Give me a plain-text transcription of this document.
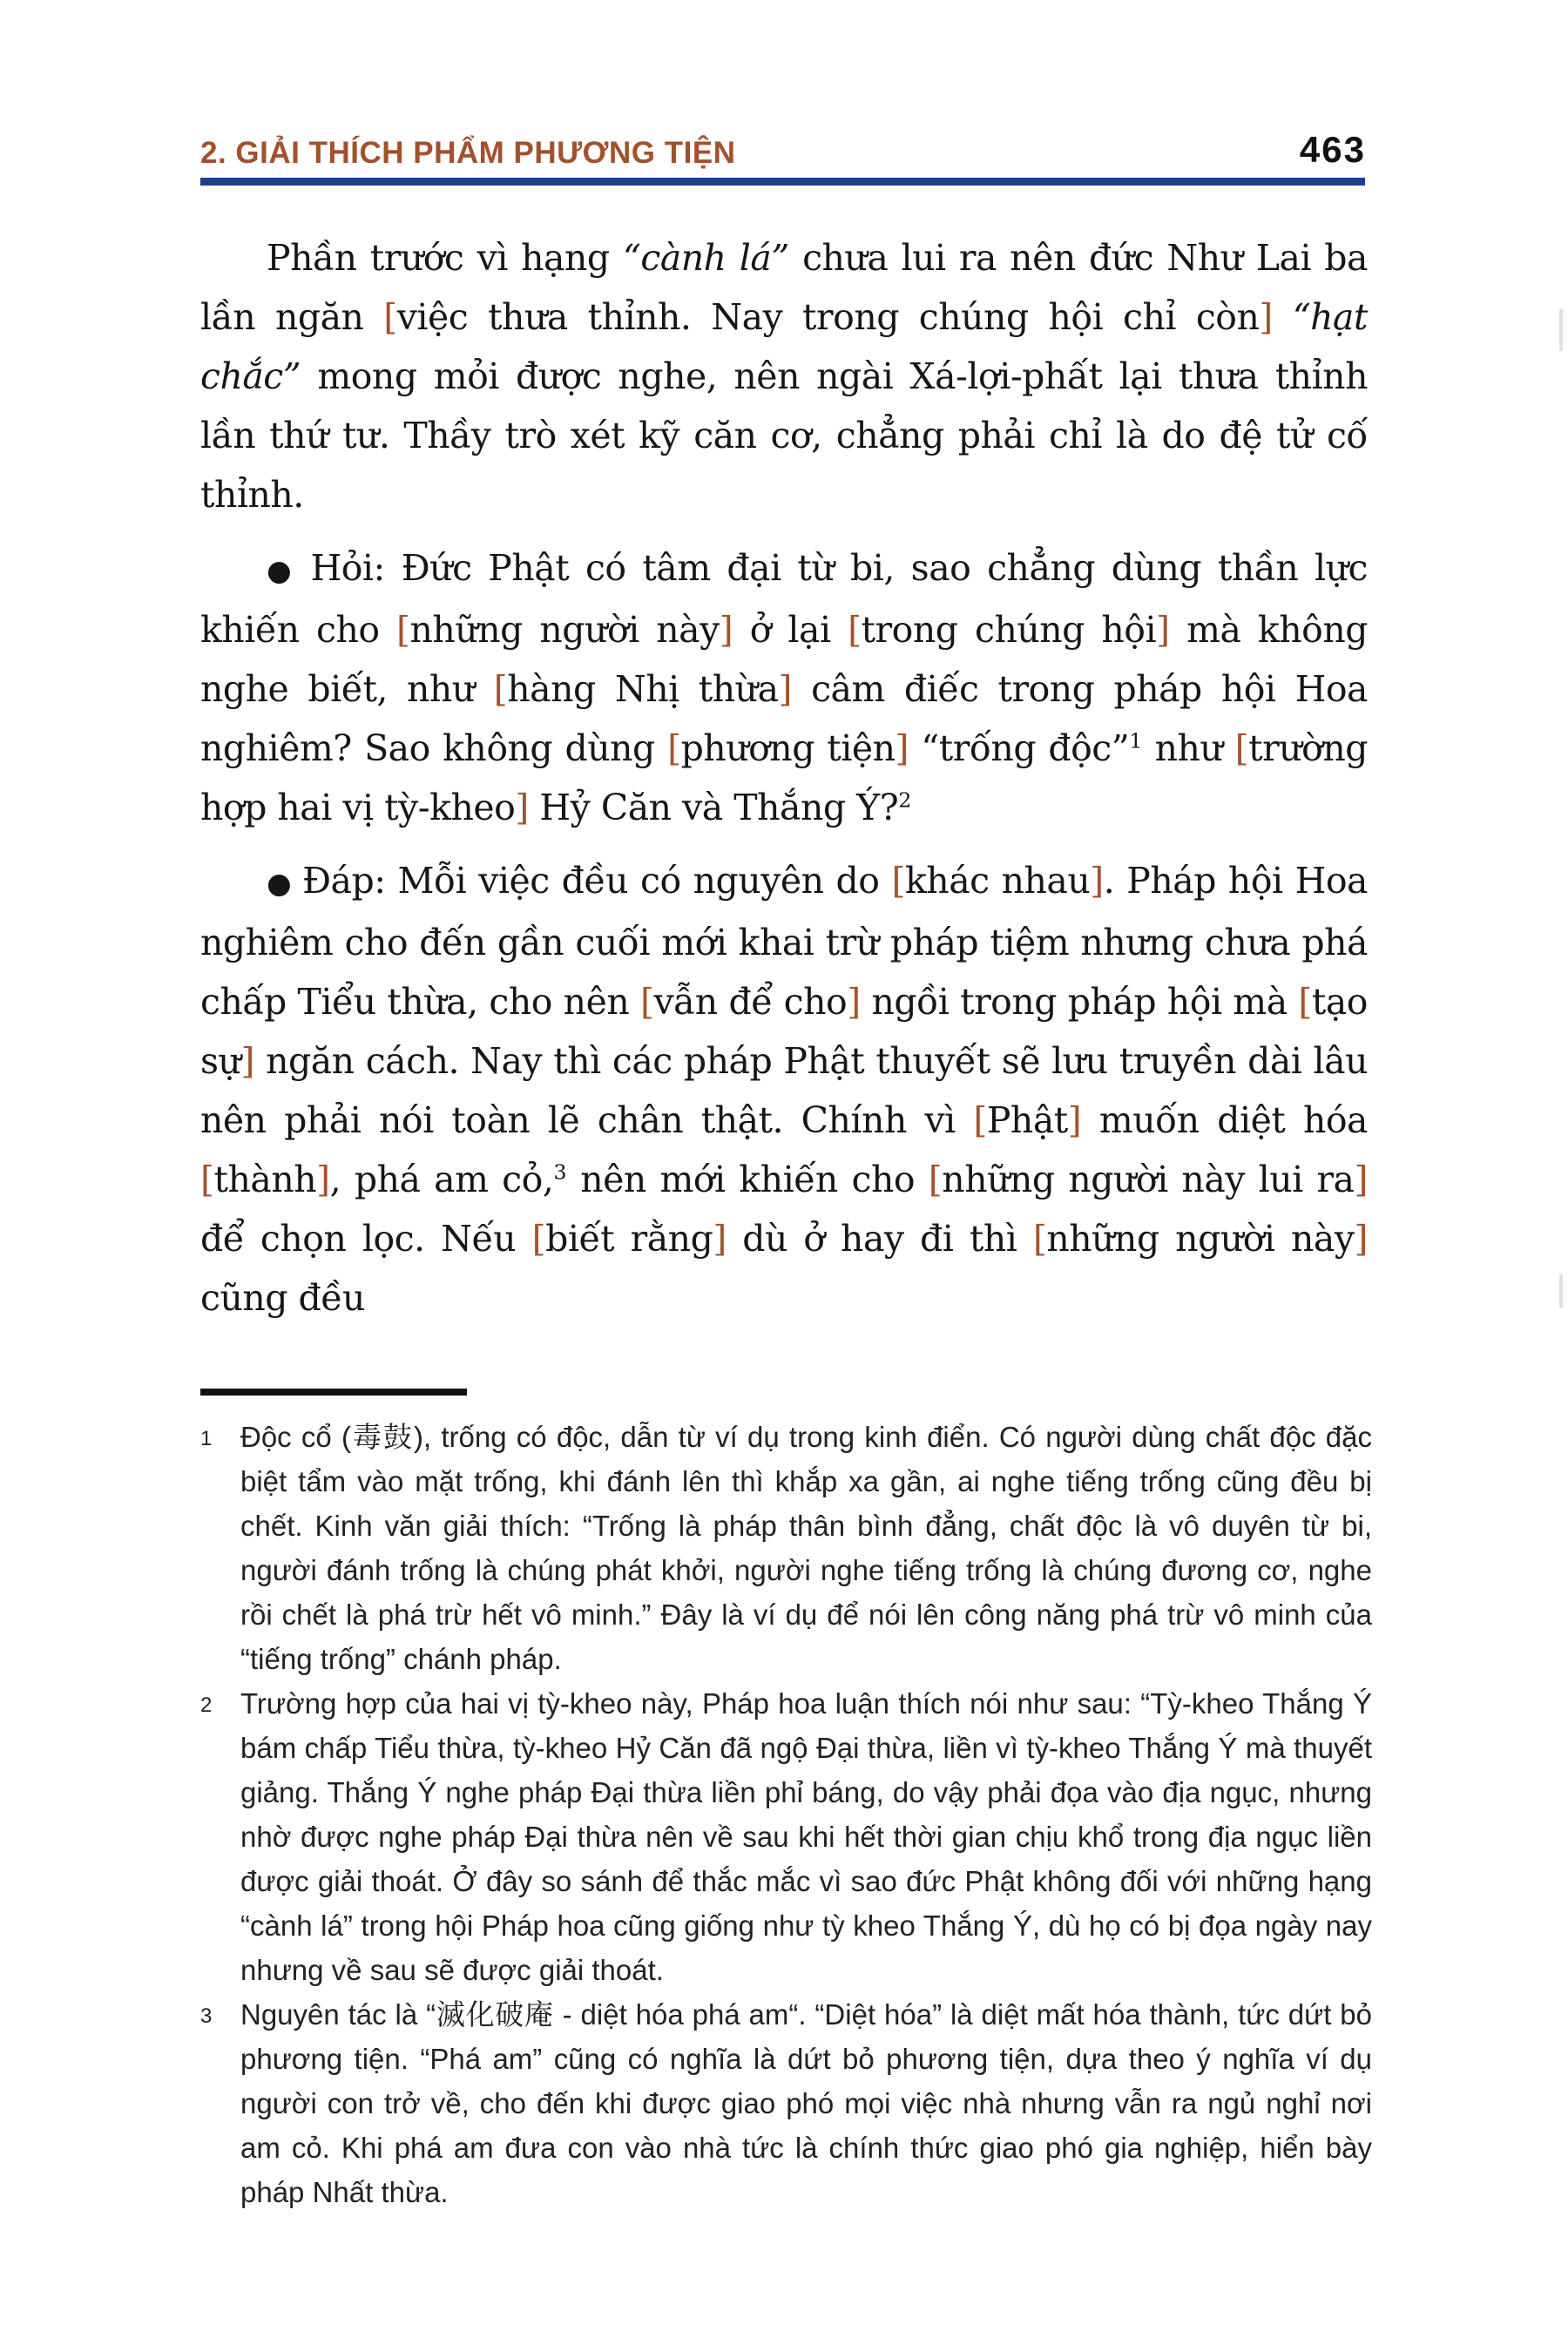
2. GIẢI THÍCH PHẨM PHƯƠNG TIỆN	463

Phần trước vì hạng “cành lá” chưa lui ra nên đức Như Lai ba lần ngăn [việc thưa thỉnh. Nay trong chúng hội chỉ còn] “hạt chắc” mong mỏi được nghe, nên ngài Xá-lợi-phất lại thưa thỉnh lần thứ tư. Thầy trò xét kỹ căn cơ, chẳng phải chỉ là do đệ tử cố thỉnh.

● Hỏi: Đức Phật có tâm đại từ bi, sao chẳng dùng thần lực khiến cho [những người này] ở lại [trong chúng hội] mà không nghe biết, như [hàng Nhị thừa] câm điếc trong pháp hội Hoa nghiêm? Sao không dùng [phương tiện] “trống độc”$^1$ như [trường hợp hai vị tỳ-kheo] Hỷ Căn và Thắng Ý?$^2$

● Đáp: Mỗi việc đều có nguyên do [khác nhau]. Pháp hội Hoa nghiêm cho đến gần cuối mới khai trừ pháp tiệm nhưng chưa phá chấp Tiểu thừa, cho nên [vẫn để cho] ngồi trong pháp hội mà [tạo sự] ngăn cách. Nay thì các pháp Phật thuyết sẽ lưu truyền dài lâu nên phải nói toàn lẽ chân thật. Chính vì [Phật] muốn diệt hóa [thành], phá am cỏ,$^3$ nên mới khiến cho [những người này lui ra] để chọn lọc. Nếu [biết rằng] dù ở hay đi thì [những người này] cũng đều

1 Độc cổ (毒鼓), trống có độc, dẫn từ ví dụ trong kinh điển. Có người dùng chất độc đặc biệt tẩm vào mặt trống, khi đánh lên thì khắp xa gần, ai nghe tiếng trống cũng đều bị chết. Kinh văn giải thích: “Trống là pháp thân bình đẳng, chất độc là vô duyên từ bi, người đánh trống là chúng phát khởi, người nghe tiếng trống là chúng đương cơ, nghe rồi chết là phá trừ hết vô minh.” Đây là ví dụ để nói lên công năng phá trừ vô minh của “tiếng trống” chánh pháp.
2 Trường hợp của hai vị tỳ-kheo này, Pháp hoa luận thích nói như sau: “Tỳ-kheo Thắng Ý bám chấp Tiểu thừa, tỳ-kheo Hỷ Căn đã ngộ Đại thừa, liền vì tỳ-kheo Thắng Ý mà thuyết giảng. Thắng Ý nghe pháp Đại thừa liền phỉ báng, do vậy phải đọa vào địa ngục, nhưng nhờ được nghe pháp Đại thừa nên về sau khi hết thời gian chịu khổ trong địa ngục liền được giải thoát. Ở đây so sánh để thắc mắc vì sao đức Phật không đối với những hạng “cành lá” trong hội Pháp hoa cũng giống như tỳ kheo Thắng Ý, dù họ có bị đọa ngày nay nhưng về sau sẽ được giải thoát.
3 Nguyên tác là “滅化破庵 - diệt hóa phá am“. “Diệt hóa” là diệt mất hóa thành, tức dứt bỏ phương tiện. “Phá am” cũng có nghĩa là dứt bỏ phương tiện, dựa theo ý nghĩa ví dụ người con trở về, cho đến khi được giao phó mọi việc nhà nhưng vẫn ra ngủ nghỉ nơi am cỏ. Khi phá am đưa con vào nhà tức là chính thức giao phó gia nghiệp, hiển bày pháp Nhất thừa.
